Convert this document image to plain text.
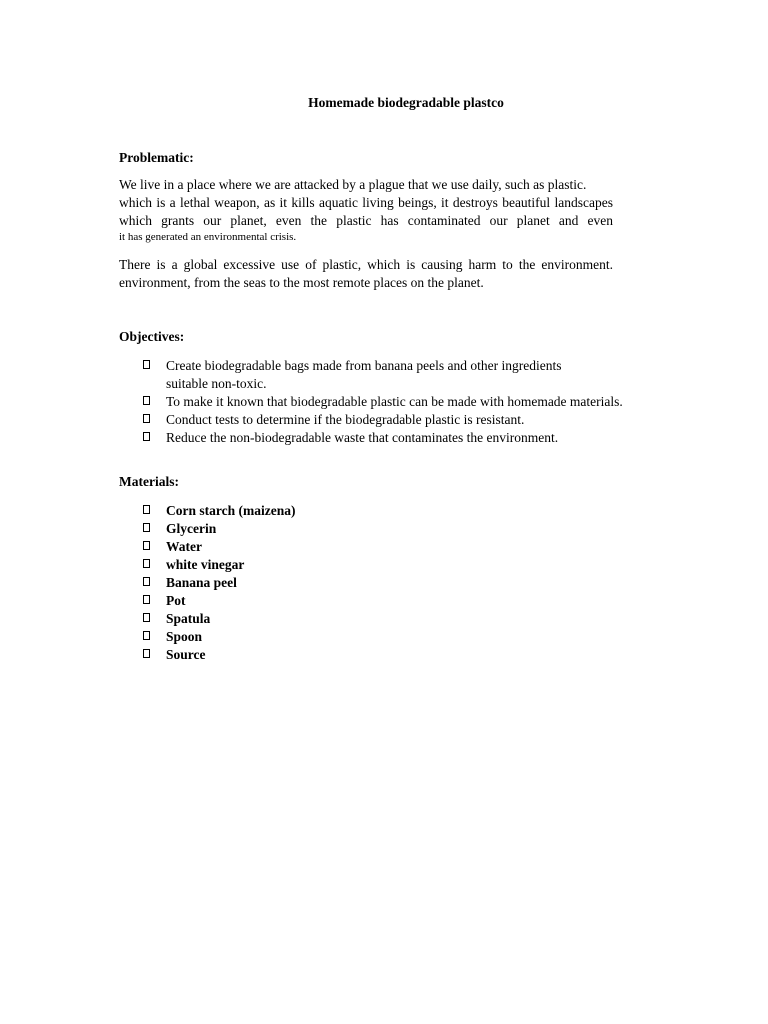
Homemade biodegradable plastco
Problematic:
We live in a place where we are attacked by a plague that we use daily, such as plastic.
which is a lethal weapon, as it kills aquatic living beings, it destroys beautiful landscapes
which grants our planet, even the plastic has contaminated our planet and even
it has generated an environmental crisis.
There is a global excessive use of plastic, which is causing harm to the environment.
environment, from the seas to the most remote places on the planet.
Objectives:
Create biodegradable bags made from banana peels and other ingredients
suitable non-toxic.
To make it known that biodegradable plastic can be made with homemade materials.
Conduct tests to determine if the biodegradable plastic is resistant.
Reduce the non-biodegradable waste that contaminates the environment.
Materials:
Corn starch (maizena)
Glycerin
Water
white vinegar
Banana peel
Pot
Spatula
Spoon
Source
